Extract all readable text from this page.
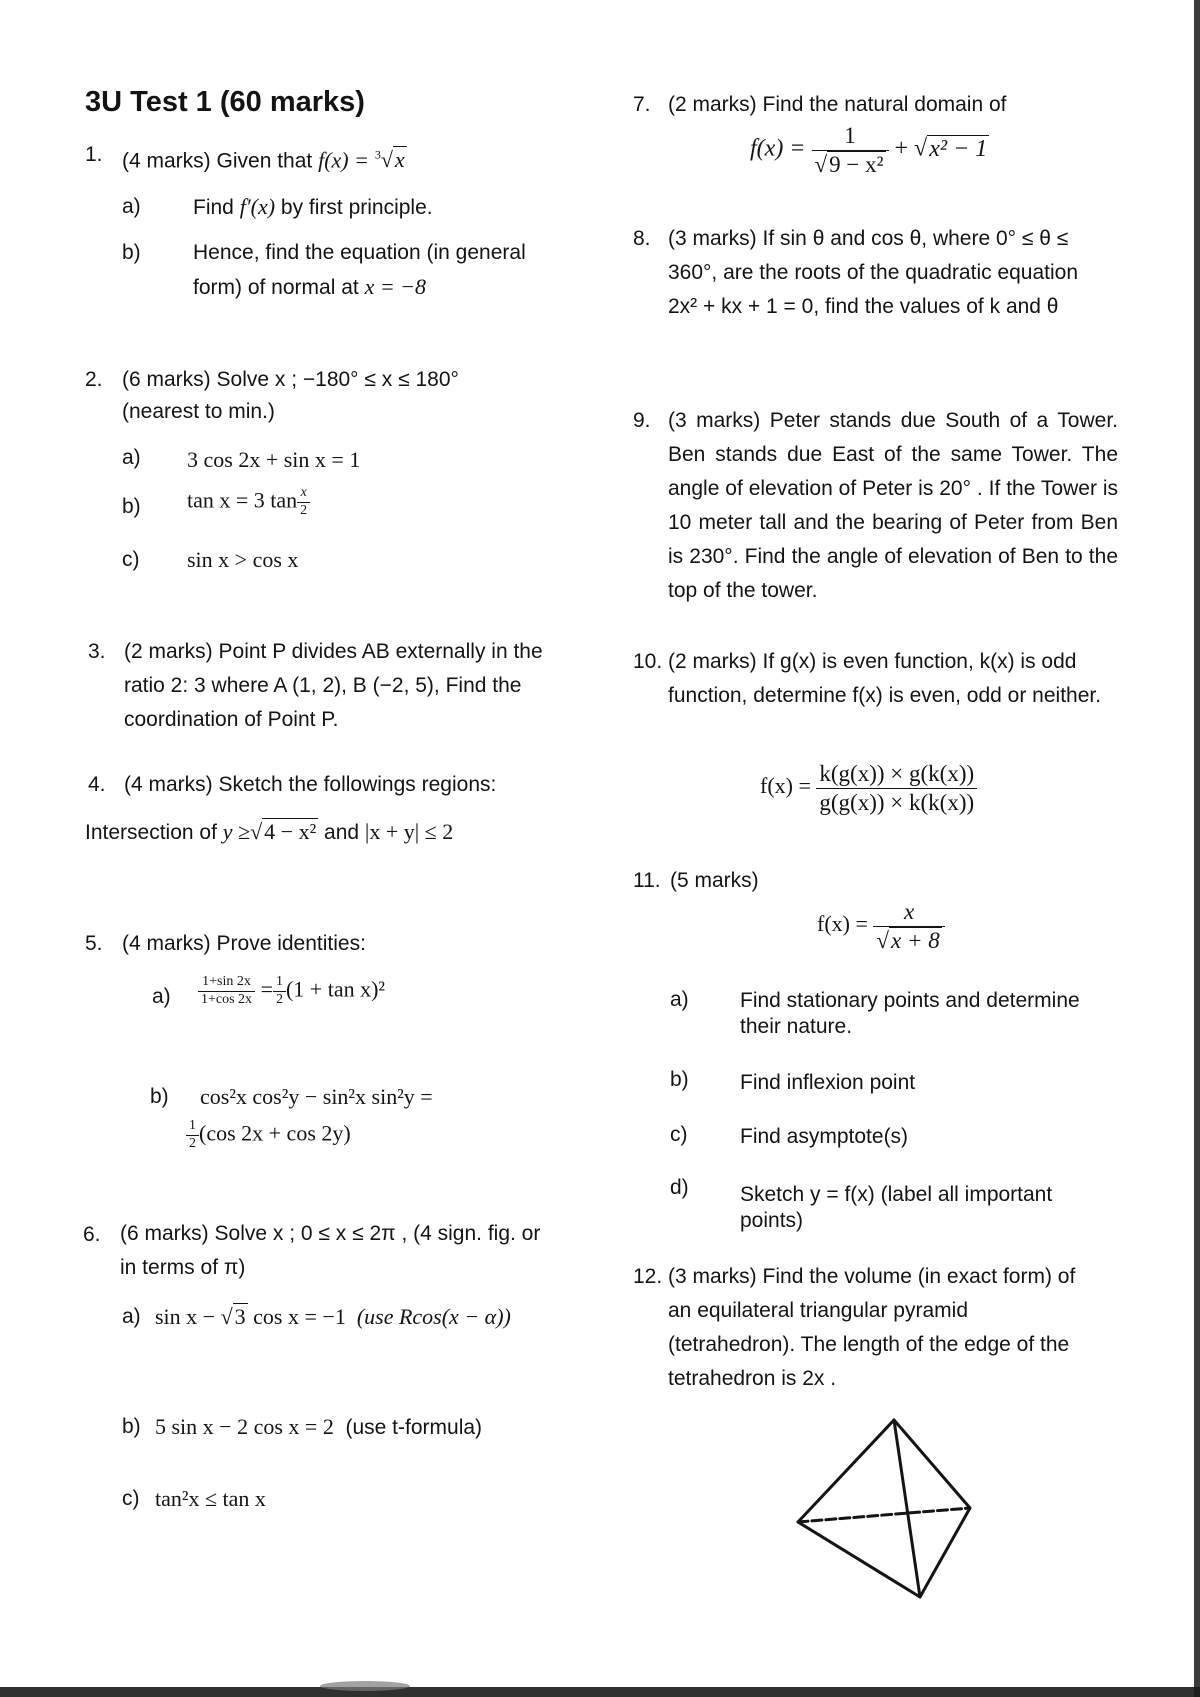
3U Test 1 (60 marks)
1. (4 marks) Given that f(x) = $^3$√x
a) Find f′(x) by first principle.
b) Hence, find the equation (in general form) of normal at x = −8
2. (6 marks) Solve x ; −180° ≤ x ≤ 180°
(nearest to min.)
a) 3 cos 2x + sin x = 1
b) tan x = 3 $\tan \frac{x}{2}$
c) sin x > cos x
3. (2 marks) Point P divides AB externally in the ratio 2: 3 where A (1, 2), B (−2, 5), Find the coordination of Point P.
4. (4 marks) Sketch the followings regions:
Intersection of y ≥√4 − x² and |x + y| ≤ 2
5. (4 marks) Prove identities:
$a) \frac{1+\sin 2x}{1+\cos 2x} = \frac{1}{2} (1 + \tan x)^2$
b) cos²x cos²y − sin²x sin²y =
$\frac{1}{2} (\cos$ 2x + cos 2y)
6. (6 marks) Solve x ; 0 ≤ x ≤ 2π , (4 sign. fig. or in terms of π)
a) sin x − √3 cos x = −1 (use Rcos(x − α))
b) 5 sin x − 2 cos x = 2 (use t-formula)
c) tan²x ≤ tan x
7. (2 marks) Find the natural domain of
$f(x) = \frac{1}{\text{√9 − x²}} + √x^2 - 1$
8. (3 marks) If sin θ and cos θ, where 0° ≤ θ ≤ 360°, are the roots of the quadratic equation 2x² + kx + 1 = 0, find the values of k and θ
9. (3 marks) Peter stands due South of a Tower. Ben stands due East of the same Tower. The angle of elevation of Peter is 20° . If the Tower is 10 meter tall and the bearing of Peter from Ben is 230°. Find the angle of elevation of Ben to the top of the tower.
10. (2 marks) If g(x) is even function, k(x) is odd function, determine f(x) is even, odd or neither.
$f(x) = \frac{k(g(x)) \times g(k(x))}{g(g(x)) \times k(k(x))}$
11. (5 marks)
$f(x) = \frac{x}{√x + 8}$
a) Find stationary points and determine their nature.
b) Find inflexion point
c)	Find asymptote(s)
d) Sketch y = f(x) (label all important points)
12. (3 marks) Find the volume (in exact form) of an equilateral triangular pyramid (tetrahedron). The length of the edge of the tetrahedron is 2x .
